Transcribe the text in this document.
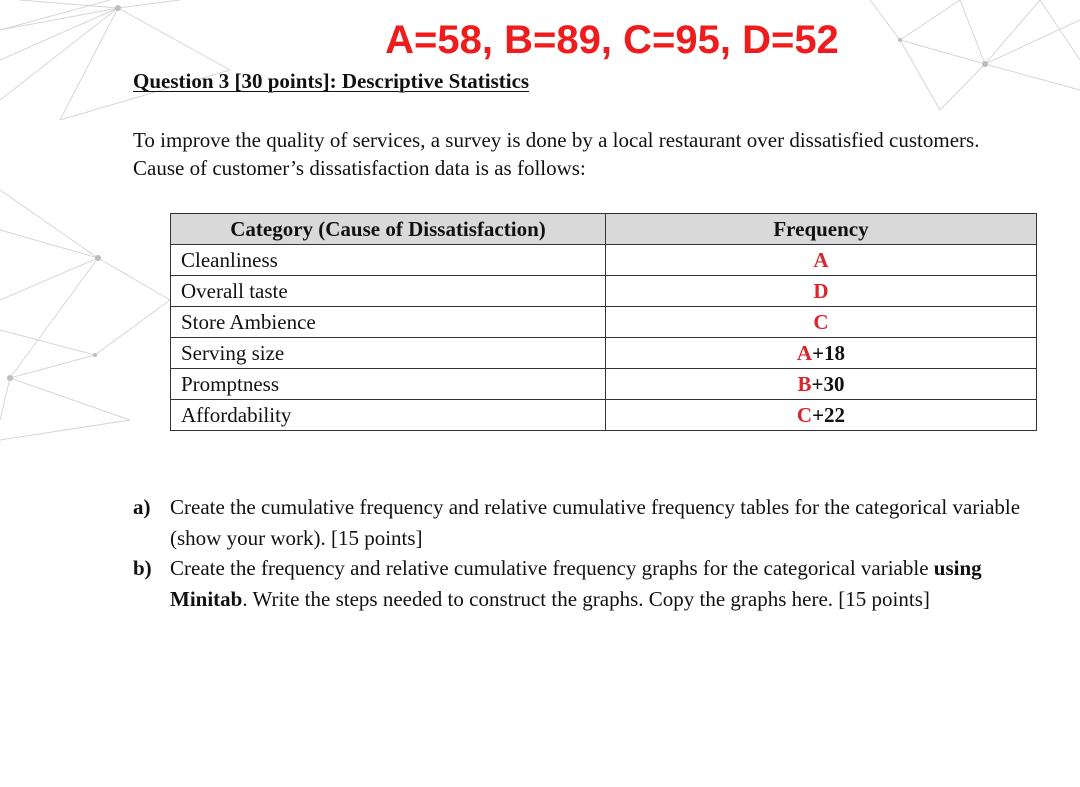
A=58, B=89, C=95, D=52
Question 3 [30 points]: Descriptive Statistics
To improve the quality of services, a survey is done by a local restaurant over dissatisfied customers. Cause of customer’s dissatisfaction data is as follows:
Category (Cause of Dissatisfaction)	Frequency
Cleanliness	A
Overall taste	D
Store Ambience	C
Serving size	A+18
Promptness	B+30
Affordability	C+22
a) Create the cumulative frequency and relative cumulative frequency tables for the categorical variable (show your work). [15 points]
b) Create the frequency and relative cumulative frequency graphs for the categorical variable using Minitab. Write the steps needed to construct the graphs. Copy the graphs here. [15 points]
